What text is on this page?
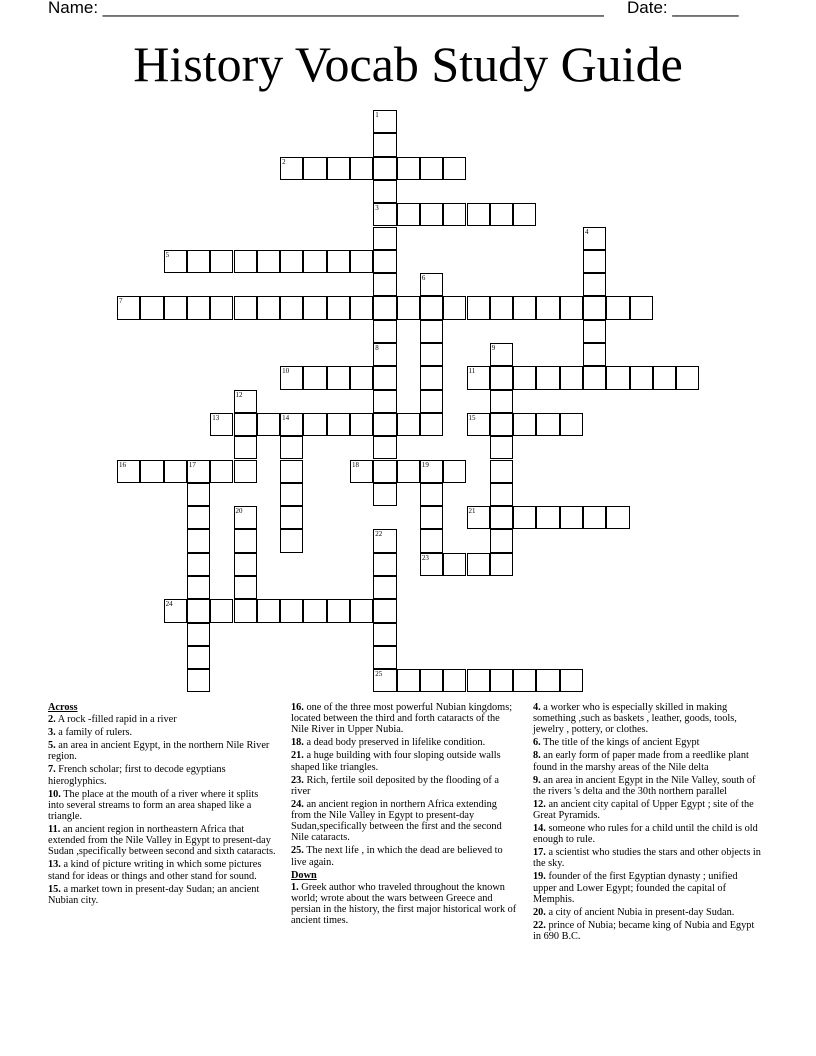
Name: _____________________________________________________ Date: _______
History Vocab Study Guide
1
3
8
2
4
5
6
7
9
10	11
12
13	14	15
16	17	18	19
23
20	21
22
25
24
Across
2. A rock -filled rapid in a river
3. a family of rulers.
5. an area in ancient Egypt, in the northern Nile River region.
7. French scholar; first to decode egyptians hieroglyphics.
10. The place at the mouth of a river where it splits into several streams to form an area shaped like a triangle.
11. an ancient region in northeastern Africa that extended from the Nile Valley in Egypt to present-day Sudan ,specifically between second and sixth cataracts.
13. a kind of picture writing in which some pictures stand for ideas or things and other stand for sound.
15. a market town in present-day Sudan; an ancient Nubian city.
16. one of the three most powerful Nubian kingdoms; located between the third and forth cataracts of the Nile River in Upper Nubia.
18. a dead body preserved in lifelike condition.
21. a huge building with four sloping outside walls shaped like triangles.
23. Rich, fertile soil deposited by the flooding of a river
24. an ancient region in northern Africa extending from the Nile Valley in Egypt to present-day Sudan,specifically between the first and the second Nile cataracts.
25. The next life , in which the dead are believed to live again.
Down
1. Greek author who traveled throughout the known world; wrote about the wars between Greece and persian in the history, the first major historical work of ancient times.
4. a worker who is especially skilled in making something ,such as baskets , leather, goods, tools, jewelry , pottery, or clothes.
6. The title of the kings of ancient Egypt
8. an early form of paper made from a reedlike plant found in the marshy areas of the Nile delta
9. an area in ancient Egypt in the Nile Valley, south of the rivers 's delta and the 30th northern parallel
12. an ancient city capital of Upper Egypt ; site of the Great Pyramids.
14. someone who rules for a child until the child is old enough to rule.
17. a scientist who studies the stars and other objects in the sky.
19. founder of the first Egyptian dynasty ; unified upper and Lower Egypt; founded the capital of Memphis.
20. a city of ancient Nubia in present-day Sudan.
22. prince of Nubia; became king of Nubia and Egypt in 690 B.C.
